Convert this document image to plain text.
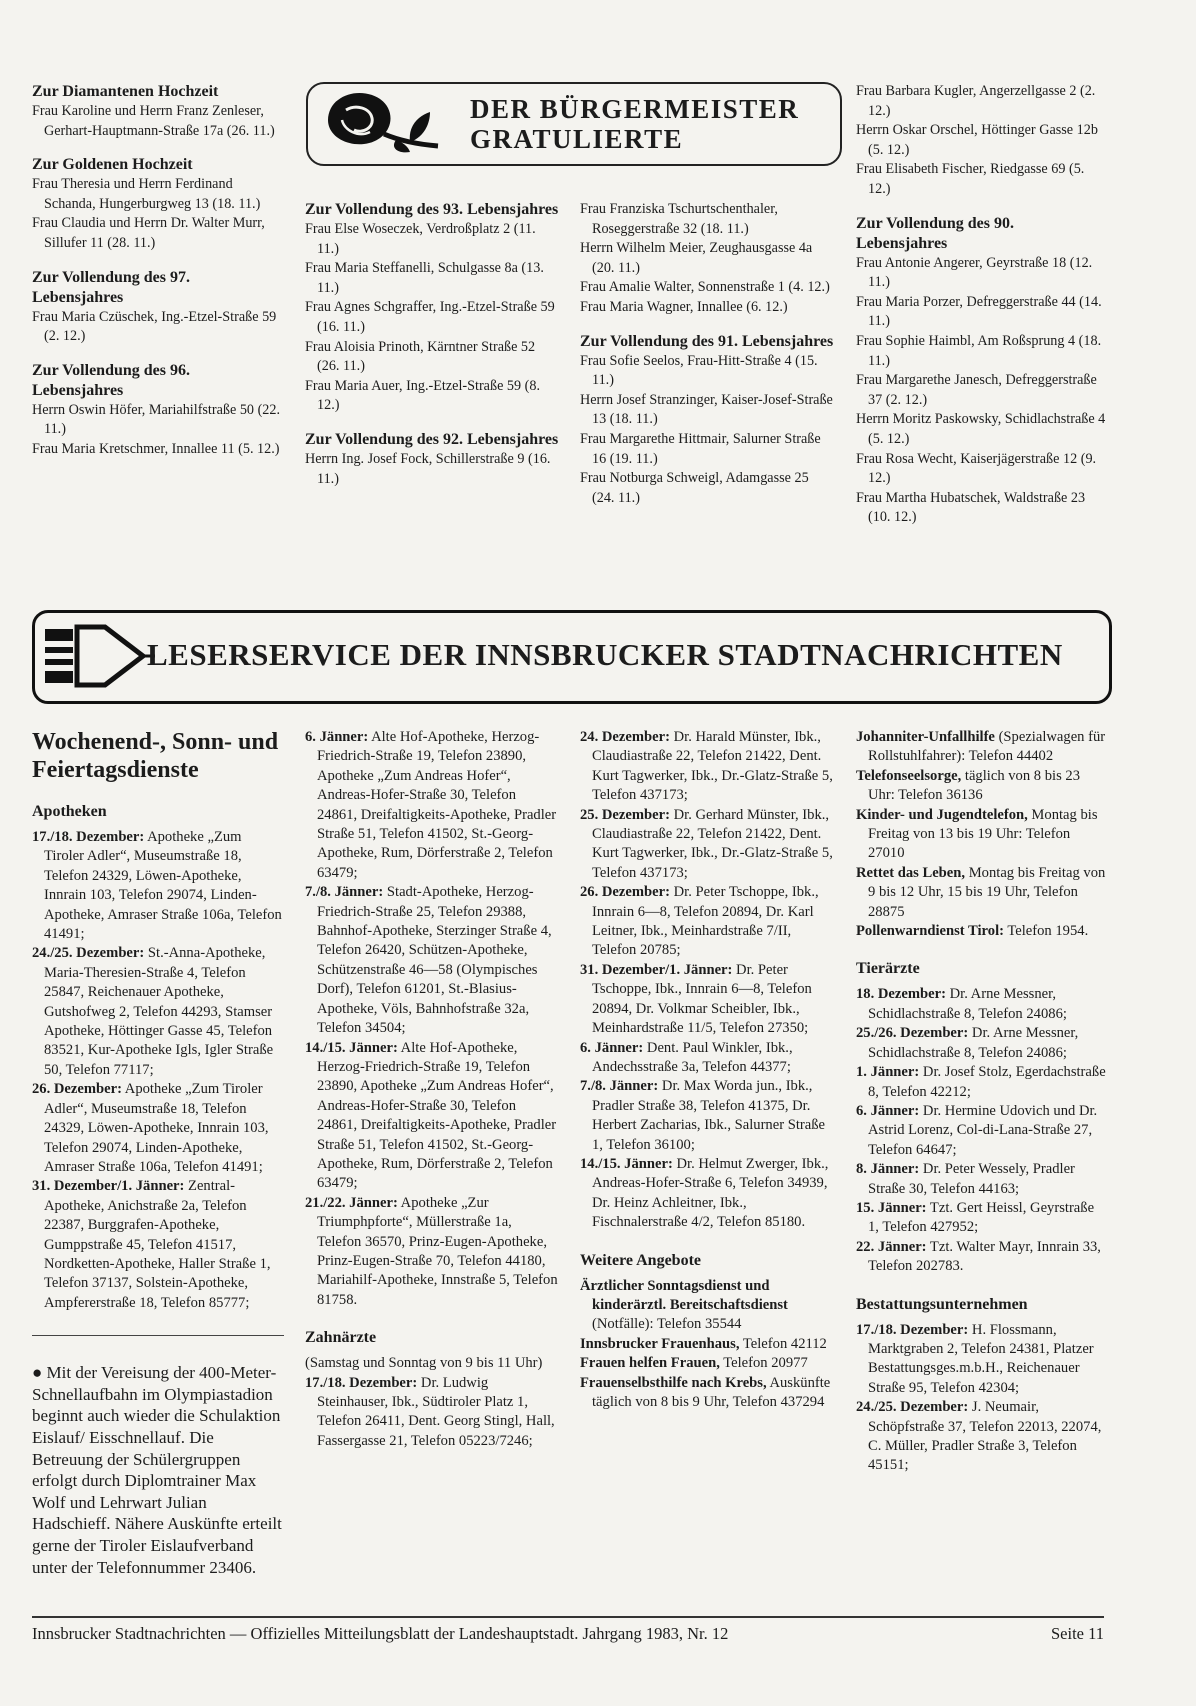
DER BÜRGERMEISTER
GRATULIERTE
Zur Diamantenen Hochzeit
Frau Karoline und Herrn Franz Zenleser, Gerhart-Hauptmann-Straße 17a (26. 11.)
Zur Goldenen Hochzeit
Frau Theresia und Herrn Ferdinand Schanda, Hungerburgweg 13 (18. 11.)
Frau Claudia und Herrn Dr. Walter Murr, Sillufer 11 (28. 11.)
Zur Vollendung des 97. Lebensjahres
Frau Maria Czüschek, Ing.-Etzel-Straße 59 (2. 12.)
Zur Vollendung des 96. Lebensjahres
Herrn Oswin Höfer, Mariahilfstraße 50 (22. 11.)
Frau Maria Kretschmer, Innallee 11 (5. 12.)
Zur Vollendung des 93. Lebensjahres
Frau Else Woseczek, Verdroßplatz 2 (11. 11.)
Frau Maria Steffanelli, Schulgasse 8a (13. 11.)
Frau Agnes Schgraffer, Ing.-Etzel-Straße 59 (16. 11.)
Frau Aloisia Prinoth, Kärntner Straße 52 (26. 11.)
Frau Maria Auer, Ing.-Etzel-Straße 59 (8. 12.)
Zur Vollendung des 92. Lebensjahres
Herrn Ing. Josef Fock, Schillerstraße 9 (16. 11.)
Frau Franziska Tschurtschenthaler, Roseggerstraße 32 (18. 11.)
Herrn Wilhelm Meier, Zeughausgasse 4a (20. 11.)
Frau Amalie Walter, Sonnenstraße 1 (4. 12.)
Frau Maria Wagner, Innallee (6. 12.)
Zur Vollendung des 91. Lebensjahres
Frau Sofie Seelos, Frau-Hitt-Straße 4 (15. 11.)
Herrn Josef Stranzinger, Kaiser-Josef-Straße 13 (18. 11.)
Frau Margarethe Hittmair, Salurner Straße 16 (19. 11.)
Frau Notburga Schweigl, Adamgasse 25 (24. 11.)
Frau Barbara Kugler, Angerzellgasse 2 (2. 12.)
Herrn Oskar Orschel, Höttinger Gasse 12b (5. 12.)
Frau Elisabeth Fischer, Riedgasse 69 (5. 12.)
Zur Vollendung des 90. Lebensjahres
Frau Antonie Angerer, Geyrstraße 18 (12. 11.)
Frau Maria Porzer, Defreggerstraße 44 (14. 11.)
Frau Sophie Haimbl, Am Roßsprung 4 (18. 11.)
Frau Margarethe Janesch, Defreggerstraße 37 (2. 12.)
Herrn Moritz Paskowsky, Schidlachstraße 4 (5. 12.)
Frau Rosa Wecht, Kaiserjägerstraße 12 (9. 12.)
Frau Martha Hubatschek, Waldstraße 23 (10. 12.)
LESERSERVICE DER INNSBRUCKER STADTNACHRICHTEN
Wochenend-, Sonn- und Feiertagsdienste
Apotheken
17./18. Dezember: Apotheke „Zum Tiroler Adler“, Museumstraße 18, Telefon 24329, Löwen-Apotheke, Innrain 103, Telefon 29074, Linden-Apotheke, Amraser Straße 106a, Telefon 41491;
24./25. Dezember: St.-Anna-Apotheke, Maria-Theresien-Straße 4, Telefon 25847, Reichenauer Apotheke, Gutshofweg 2, Telefon 44293, Stamser Apotheke, Höttinger Gasse 45, Telefon 83521, Kur-Apotheke Igls, Igler Straße 50, Telefon 77117;
26. Dezember: Apotheke „Zum Tiroler Adler“, Museumstraße 18, Telefon 24329, Löwen-Apotheke, Innrain 103, Telefon 29074, Linden-Apotheke, Amraser Straße 106a, Telefon 41491;
31. Dezember/1. Jänner: Zentral-Apotheke, Anichstraße 2a, Telefon 22387, Burggrafen-Apotheke, Gumppstraße 45, Telefon 41517, Nordketten-Apotheke, Haller Straße 1, Telefon 37137, Solstein-Apotheke, Ampfererstraße 18, Telefon 85777;
● Mit der Vereisung der 400-Meter-Schnellaufbahn im Olympiastadion beginnt auch wieder die Schulaktion Eislauf/ Eisschnellauf. Die Betreuung der Schülergruppen erfolgt durch Diplomtrainer Max Wolf und Lehrwart Julian Hadschieff. Nähere Auskünfte erteilt gerne der Tiroler Eislaufverband unter der Telefonnummer 23406.
6. Jänner: Alte Hof-Apotheke, Herzog-Friedrich-Straße 19, Telefon 23890, Apotheke „Zum Andreas Hofer“, Andreas-Hofer-Straße 30, Telefon 24861, Dreifaltigkeits-Apotheke, Pradler Straße 51, Telefon 41502, St.-Georg-Apotheke, Rum, Dörferstraße 2, Telefon 63479;
7./8. Jänner: Stadt-Apotheke, Herzog-Friedrich-Straße 25, Telefon 29388, Bahnhof-Apotheke, Sterzinger Straße 4, Telefon 26420, Schützen-Apotheke, Schützenstraße 46—58 (Olympisches Dorf), Telefon 61201, St.-Blasius-Apotheke, Völs, Bahnhofstraße 32a, Telefon 34504;
14./15. Jänner: Alte Hof-Apotheke, Herzog-Friedrich-Straße 19, Telefon 23890, Apotheke „Zum Andreas Hofer“, Andreas-Hofer-Straße 30, Telefon 24861, Dreifaltigkeits-Apotheke, Pradler Straße 51, Telefon 41502, St.-Georg-Apotheke, Rum, Dörferstraße 2, Telefon 63479;
21./22. Jänner: Apotheke „Zur Triumphpforte“, Müllerstraße 1a, Telefon 36570, Prinz-Eugen-Apotheke, Prinz-Eugen-Straße 70, Telefon 44180, Mariahilf-Apotheke, Innstraße 5, Telefon 81758.
Zahnärzte
(Samstag und Sonntag von 9 bis 11 Uhr)
17./18. Dezember: Dr. Ludwig Steinhauser, Ibk., Südtiroler Platz 1, Telefon 26411, Dent. Georg Stingl, Hall, Fassergasse 21, Telefon 05223/7246;
24. Dezember: Dr. Harald Münster, Ibk., Claudiastraße 22, Telefon 21422, Dent. Kurt Tagwerker, Ibk., Dr.-Glatz-Straße 5, Telefon 437173;
25. Dezember: Dr. Gerhard Münster, Ibk., Claudiastraße 22, Telefon 21422, Dent. Kurt Tagwerker, Ibk., Dr.-Glatz-Straße 5, Telefon 437173;
26. Dezember: Dr. Peter Tschoppe, Ibk., Innrain 6—8, Telefon 20894, Dr. Karl Leitner, Ibk., Meinhardstraße 7/II, Telefon 20785;
31. Dezember/1. Jänner: Dr. Peter Tschoppe, Ibk., Innrain 6—8, Telefon 20894, Dr. Volkmar Scheibler, Ibk., Meinhardstraße 11/5, Telefon 27350;
6. Jänner: Dent. Paul Winkler, Ibk., Andechsstraße 3a, Telefon 44377;
7./8. Jänner: Dr. Max Worda jun., Ibk., Pradler Straße 38, Telefon 41375, Dr. Herbert Zacharias, Ibk., Salurner Straße 1, Telefon 36100;
14./15. Jänner: Dr. Helmut Zwerger, Ibk., Andreas-Hofer-Straße 6, Telefon 34939, Dr. Heinz Achleitner, Ibk., Fischnalerstraße 4/2, Telefon 85180.
Weitere Angebote
Ärztlicher Sonntagsdienst und kinderärztl. Bereitschaftsdienst (Notfälle): Telefon 35544
Innsbrucker Frauenhaus, Telefon 42112
Frauen helfen Frauen, Telefon 20977
Frauenselbsthilfe nach Krebs, Auskünfte täglich von 8 bis 9 Uhr, Telefon 437294
Johanniter-Unfallhilfe (Spezialwagen für Rollstuhlfahrer): Telefon 44402
Telefonseelsorge, täglich von 8 bis 23 Uhr: Telefon 36136
Kinder- und Jugendtelefon, Montag bis Freitag von 13 bis 19 Uhr: Telefon 27010
Rettet das Leben, Montag bis Freitag von 9 bis 12 Uhr, 15 bis 19 Uhr, Telefon 28875
Pollenwarndienst Tirol: Telefon 1954.
Tierärzte
18. Dezember: Dr. Arne Messner, Schidlachstraße 8, Telefon 24086;
25./26. Dezember: Dr. Arne Messner, Schidlachstraße 8, Telefon 24086;
1. Jänner: Dr. Josef Stolz, Egerdachstraße 8, Telefon 42212;
6. Jänner: Dr. Hermine Udovich und Dr. Astrid Lorenz, Col-di-Lana-Straße 27, Telefon 64647;
8. Jänner: Dr. Peter Wessely, Pradler Straße 30, Telefon 44163;
15. Jänner: Tzt. Gert Heissl, Geyrstraße 1, Telefon 427952;
22. Jänner: Tzt. Walter Mayr, Innrain 33, Telefon 202783.
Bestattungsunternehmen
17./18. Dezember: H. Flossmann, Marktgraben 2, Telefon 24381, Platzer Bestattungsges.m.b.H., Reichenauer Straße 95, Telefon 42304;
24./25. Dezember: J. Neumair, Schöpfstraße 37, Telefon 22013, 22074, C. Müller, Pradler Straße 3, Telefon 45151;
Innsbrucker Stadtnachrichten — Offizielles Mitteilungsblatt der Landeshauptstadt. Jahrgang 1983, Nr. 12	Seite 11
